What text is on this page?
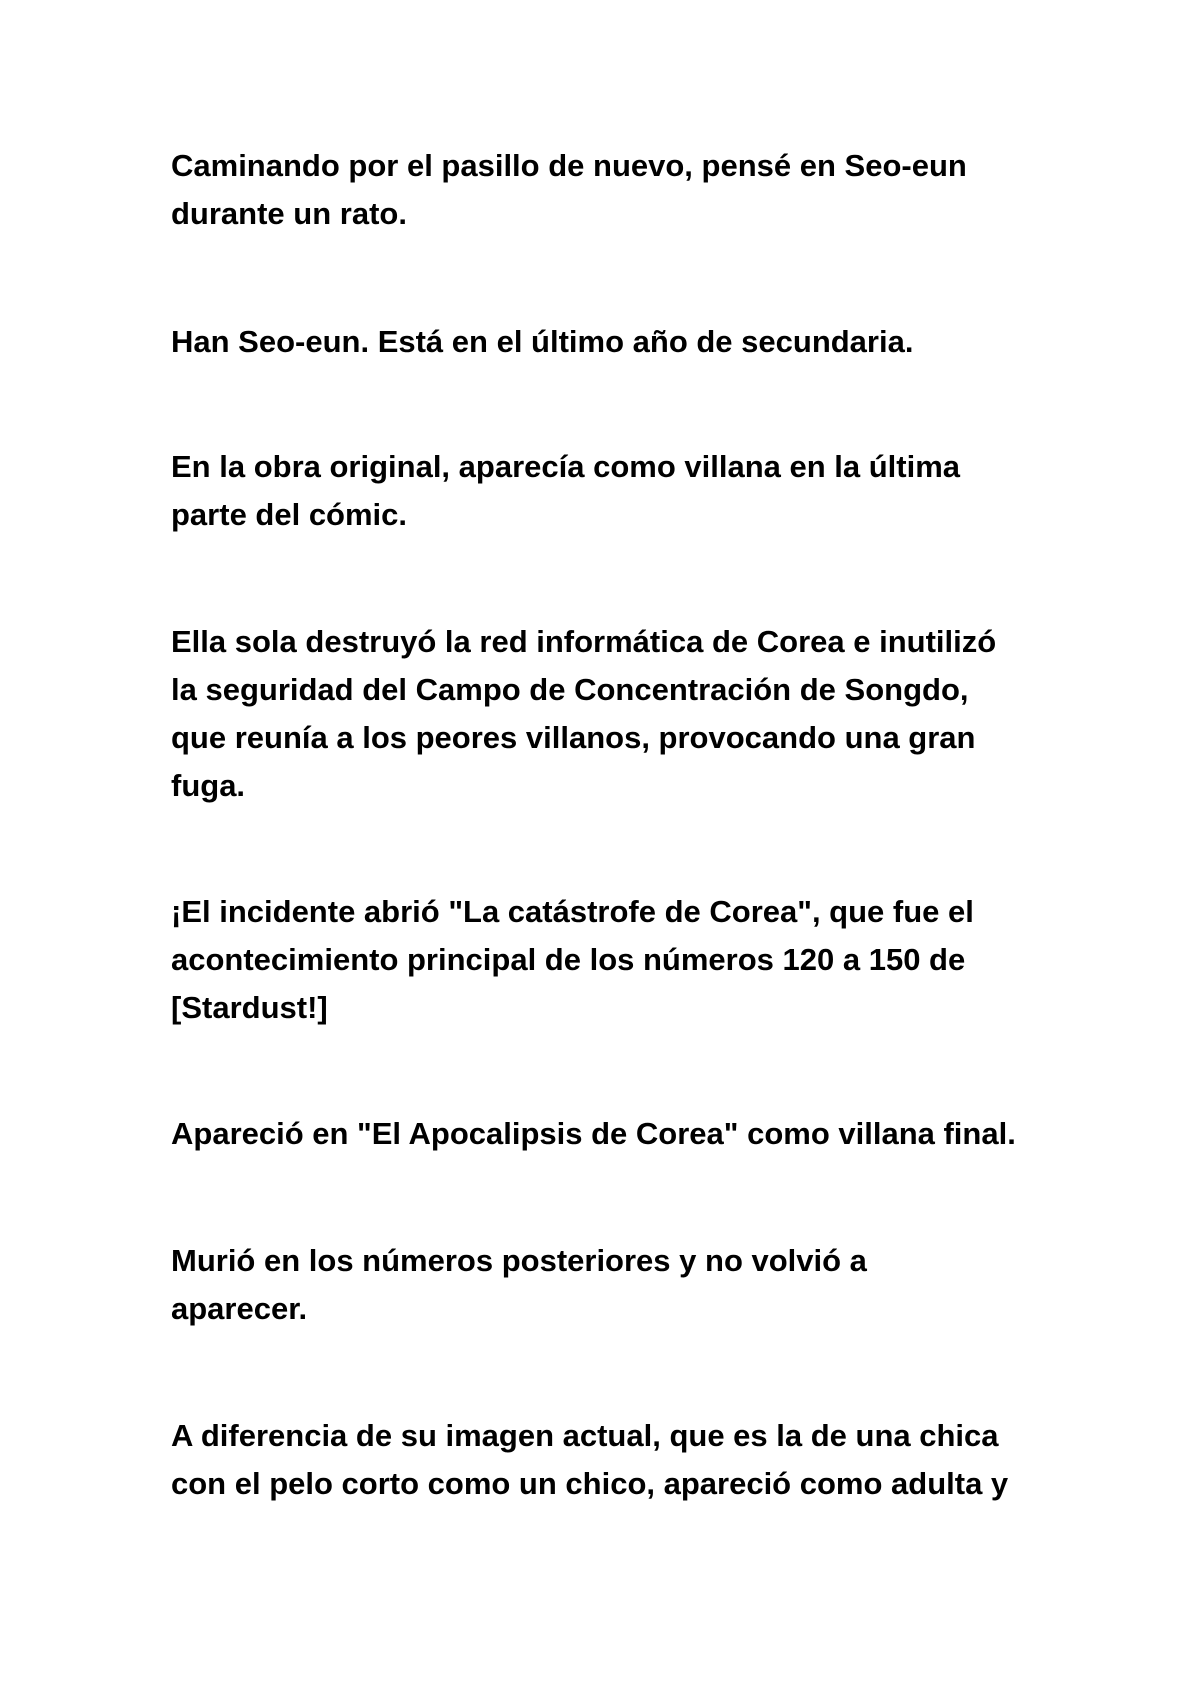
Caminando por el pasillo de nuevo, pensé en Seo-eun
durante un rato.

Han Seo-eun. Está en el último año de secundaria.

En la obra original, aparecía como villana en la última
parte del cómic.

Ella sola destruyó la red informática de Corea e inutilizó
la seguridad del Campo de Concentración de Songdo,
que reunía a los peores villanos, provocando una gran
fuga.

¡El incidente abrió "La catástrofe de Corea", que fue el
acontecimiento principal de los números 120 a 150 de
[Stardust!]

Apareció en "El Apocalipsis de Corea" como villana final.

Murió en los números posteriores y no volvió a
aparecer.

A diferencia de su imagen actual, que es la de una chica
con el pelo corto como un chico, apareció como adulta y
